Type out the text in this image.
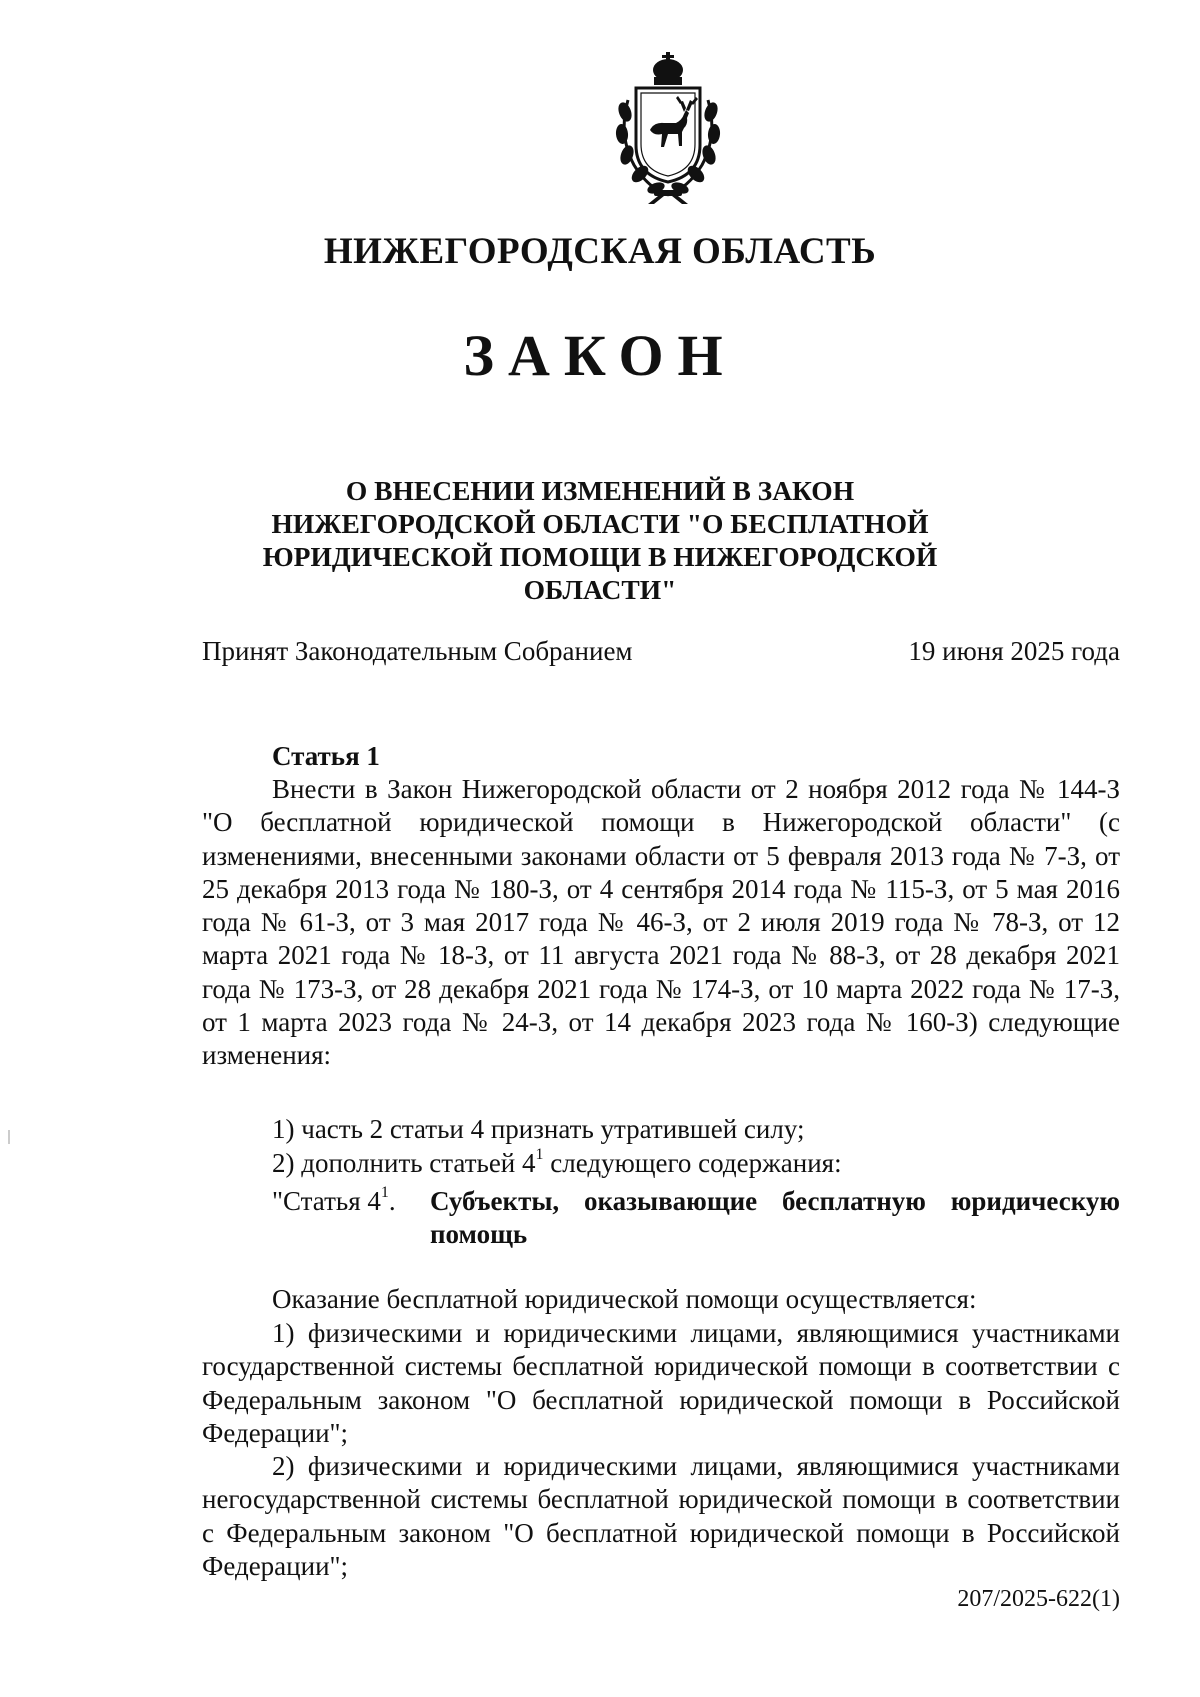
НИЖЕГОРОДСКАЯ ОБЛАСТЬ
ЗАКОН
О ВНЕСЕНИИ ИЗМЕНЕНИЙ В ЗАКОН НИЖЕГОРОДСКОЙ ОБЛАСТИ "О БЕСПЛАТНОЙ ЮРИДИЧЕСКОЙ ПОМОЩИ В НИЖЕГОРОДСКОЙ ОБЛАСТИ"
Принят Законодательным Собранием	19 июня 2025 года
Статья 1
Внести в Закон Нижегородской области от 2 ноября 2012 года № 144-З "О бесплатной юридической помощи в Нижегородской области" (с изменениями, внесенными законами области от 5 февраля 2013 года № 7-З, от 25 декабря 2013 года № 180-З, от 4 сентября 2014 года № 115-З, от 5 мая 2016 года № 61-З, от 3 мая 2017 года № 46-З, от 2 июля 2019 года № 78-З, от 12 марта 2021 года № 18-З, от 11 августа 2021 года № 88-З, от 28 декабря 2021 года № 173-З, от 28 декабря 2021 года № 174-З, от 10 марта 2022 года № 17-З, от 1 марта 2023 года № 24-З, от 14 декабря 2023 года № 160-З) следующие изменения:
1) часть 2 статьи 4 признать утратившей силу;
2) дополнить статьей $4^1$ следующего содержания:
"Статья $4^1$. Субъекты, оказывающие бесплатную юридическую помощь
Оказание бесплатной юридической помощи осуществляется:
1) физическими и юридическими лицами, являющимися участниками государственной системы бесплатной юридической помощи в соответствии с Федеральным законом "О бесплатной юридической помощи в Российской Федерации";
2) физическими и юридическими лицами, являющимися участниками негосударственной системы бесплатной юридической помощи в соответствии с Федеральным законом "О бесплатной юридической помощи в Российской Федерации";
207/2025-622(1)
